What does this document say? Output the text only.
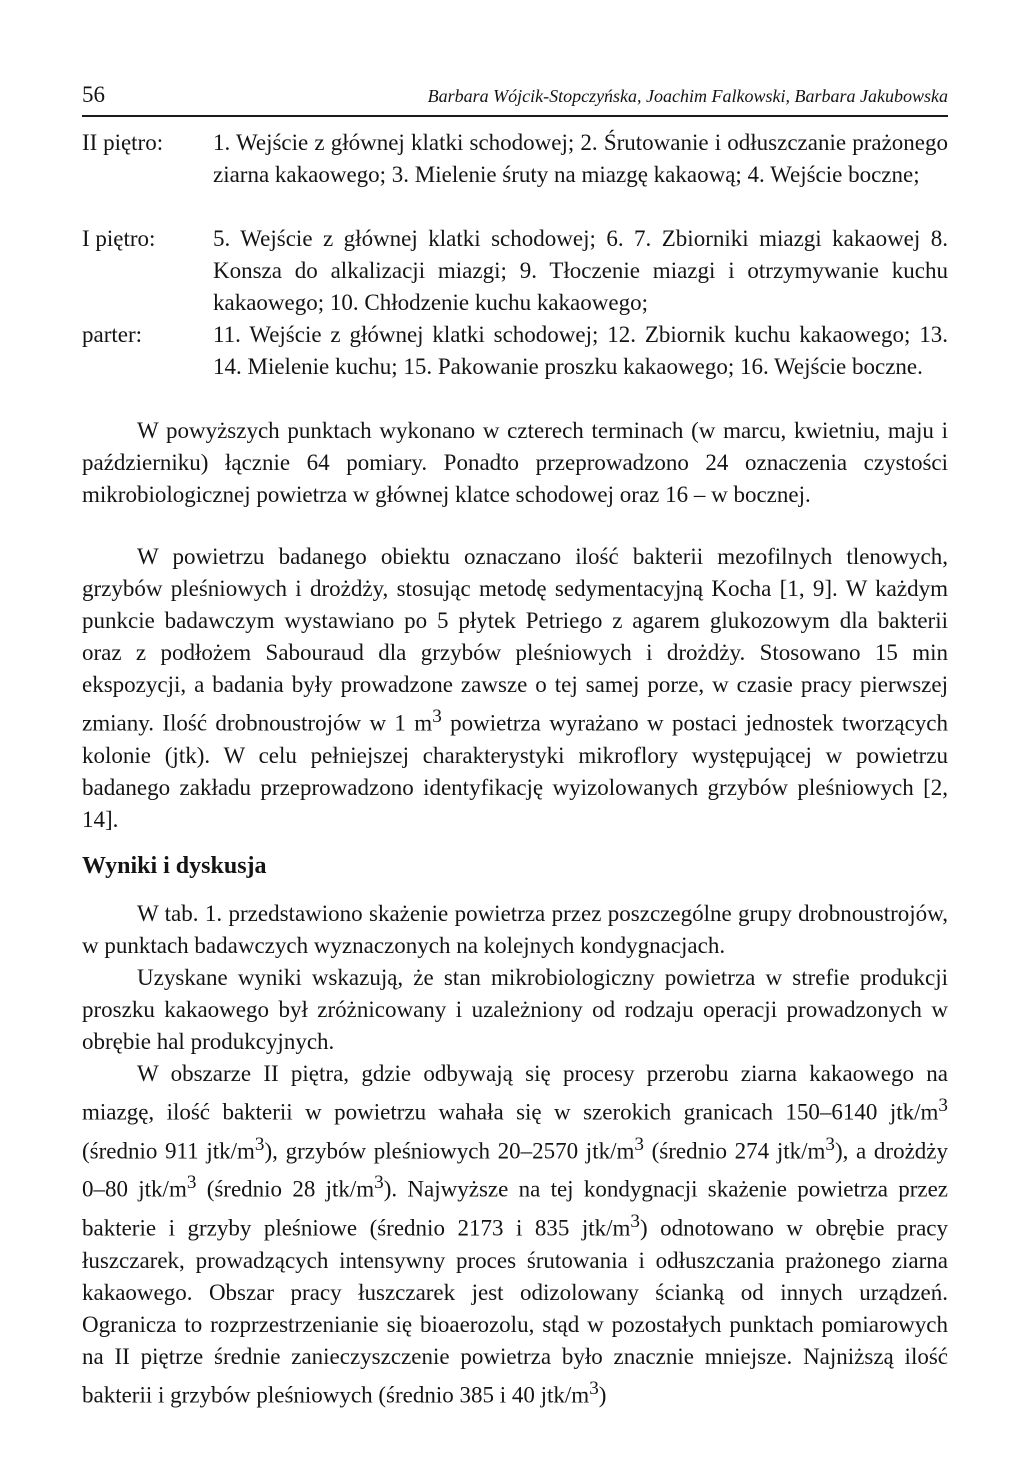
56	Barbara Wójcik-Stopczyńska, Joachim Falkowski, Barbara Jakubowska
II piętro:	1. Wejście z głównej klatki schodowej; 2. Śrutowanie i odłuszczanie prażonego ziarna kakaowego; 3. Mielenie śruty na miazgę kakaową; 4. Wejście boczne;
I piętro:	5. Wejście z głównej klatki schodowej; 6. 7. Zbiorniki miazgi kakaowej 8. Konsza do alkalizacji miazgi; 9. Tłoczenie miazgi i otrzymywanie kuchu kakaowego; 10. Chłodzenie kuchu kakaowego;
parter:	11. Wejście z głównej klatki schodowej; 12. Zbiornik kuchu kakaowego; 13. 14. Mielenie kuchu; 15. Pakowanie proszku kakaowego; 16. Wejście boczne.
W powyższych punktach wykonano w czterech terminach (w marcu, kwietniu, maju i październiku) łącznie 64 pomiary. Ponadto przeprowadzono 24 oznaczenia czystości mikrobiologicznej powietrza w głównej klatce schodowej oraz 16 – w bocznej.
W powietrzu badanego obiektu oznaczano ilość bakterii mezofilnych tlenowych, grzybów pleśniowych i drożdży, stosując metodę sedymentacyjną Kocha [1, 9]. W każdym punkcie badawczym wystawiano po 5 płytek Petriego z agarem glukozowym dla bakterii oraz z podłożem Sabouraud dla grzybów pleśniowych i drożdży. Stosowano 15 min ekspozycji, a badania były prowadzone zawsze o tej samej porze, w czasie pracy pierwszej zmiany. Ilość drobnoustrojów w 1 $m^3$ powietrza wyrażano w postaci jednostek tworzących kolonie (jtk). W celu pełniejszej charakterystyki mikroflory występującej w powietrzu badanego zakładu przeprowadzono identyfikację wyizolowanych grzybów pleśniowych [2, 14].
Wyniki i dyskusja
W tab. 1. przedstawiono skażenie powietrza przez poszczególne grupy drobnoustrojów, w punktach badawczych wyznaczonych na kolejnych kondygnacjach.
Uzyskane wyniki wskazują, że stan mikrobiologiczny powietrza w strefie produkcji proszku kakaowego był zróżnicowany i uzależniony od rodzaju operacji prowadzonych w obrębie hal produkcyjnych.
W obszarze II piętra, gdzie odbywają się procesy przerobu ziarna kakaowego na miazgę, ilość bakterii w powietrzu wahała się w szerokich granicach 150–6140 jtk/$m^3$ (średnio 911 jtk/$m^3$), grzybów pleśniowych 20–2570 jtk/$m^3$ (średnio 274 jtk/$m^3$), a drożdży 0–80 jtk/$m^3$ (średnio 28 jtk/$m^3$). Najwyższe na tej kondygnacji skażenie powietrza przez bakterie i grzyby pleśniowe (średnio 2173 i 835 jtk/$m^3$) odnotowano w obrębie pracy łuszczarek, prowadzących intensywny proces śrutowania i odłuszczania prażonego ziarna kakaowego. Obszar pracy łuszczarek jest odizolowany ścianką od innych urządzeń. Ogranicza to rozprzestrzenianie się bioaerozolu, stąd w pozostałych punktach pomiarowych na II piętrze średnie zanieczyszczenie powietrza było znacznie mniejsze. Najniższą ilość bakterii i grzybów pleśniowych (średnio 385 i 40 jtk/$m^3$)
